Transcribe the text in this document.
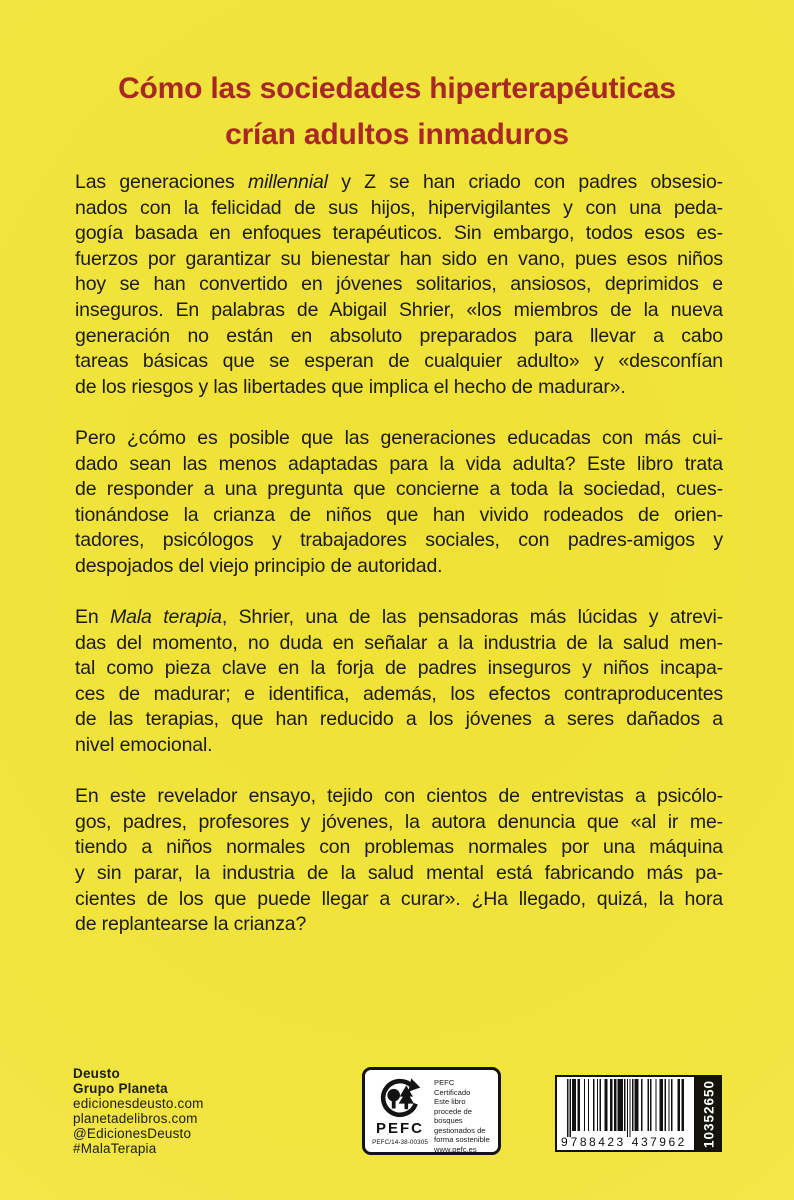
Cómo las sociedades hiperterapéuticas
crían adultos inmaduros
Las generaciones millennial y Z se han criado con padres obsesio-
nados con la felicidad de sus hijos, hipervigilantes y con una peda-
gogía basada en enfoques terapéuticos. Sin embargo, todos esos es-
fuerzos por garantizar su bienestar han sido en vano, pues esos niños
hoy se han convertido en jóvenes solitarios, ansiosos, deprimidos e
inseguros. En palabras de Abigail Shrier, «los miembros de la nueva
generación no están en absoluto preparados para llevar a cabo
tareas básicas que se esperan de cualquier adulto» y «desconfían
de los riesgos y las libertades que implica el hecho de madurar».
Pero ¿cómo es posible que las generaciones educadas con más cui-
dado sean las menos adaptadas para la vida adulta? Este libro trata
de responder a una pregunta que concierne a toda la sociedad, cues-
tionándose la crianza de niños que han vivido rodeados de orien-
tadores, psicólogos y trabajadores sociales, con padres-amigos y
despojados del viejo principio de autoridad.
En Mala terapia, Shrier, una de las pensadoras más lúcidas y atrevi-
das del momento, no duda en señalar a la industria de la salud men-
tal como pieza clave en la forja de padres inseguros y niños incapa-
ces de madurar; e identifica, además, los efectos contraproducentes
de las terapias, que han reducido a los jóvenes a seres dañados a
nivel emocional.
En este revelador ensayo, tejido con cientos de entrevistas a psicólo-
gos, padres, profesores y jóvenes, la autora denuncia que «al ir me-
tiendo a niños normales con problemas normales por una máquina
y sin parar, la industria de la salud mental está fabricando más pa-
cientes de los que puede llegar a curar». ¿Ha llegado, quizá, la hora
de replantearse la crianza?
Deusto
Grupo Planeta
edicionesdeusto.com
planetadelibros.com
@EdicionesDeusto
#MalaTerapia
PEFC
PEFC/14-38-00305
PEFC Certificado
Este libro procede de bosques gestionados de forma sostenible
www.pefc.es	9 788423 437962 10352650
